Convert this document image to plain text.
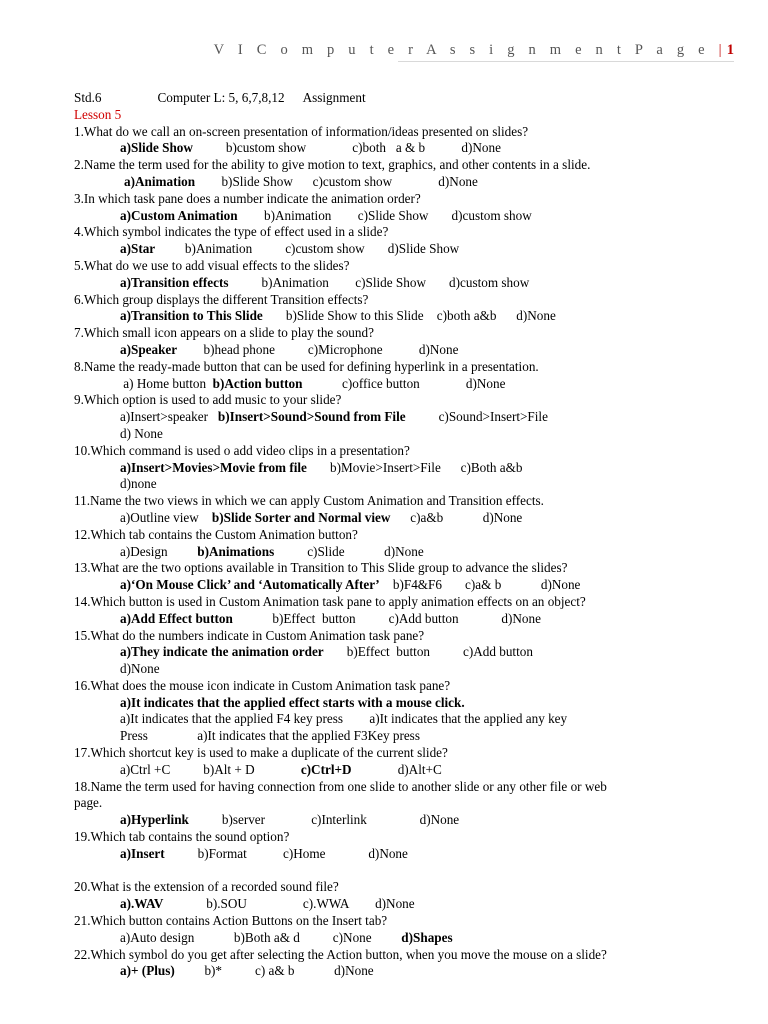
V I C o m p u t e r A s s i g n m e n t P a g e |1
Std.6	Computer L: 5, 6,7,8,12 Assignment
Lesson 5
1.What do we call an on-screen presentation of information/ideas presented on slides?
a)Slide Show          b)custom show              c)both   a & b           d)None
2.Name the term used for the ability to give motion to text, graphics, and other contents in a slide.
a)Animation        b)Slide Show      c)custom show              d)None
3.In which task pane does a number indicate the animation order?
a)Custom Animation        b)Animation        c)Slide Show       d)custom show
4.Which symbol indicates the type of effect used in a slide?
a)Star         b)Animation          c)custom show       d)Slide Show
5.What do we use to add visual effects to the slides?
a)Transition effects          b)Animation        c)Slide Show       d)custom show
6.Which group displays the different Transition effects?
a)Transition to This Slide       b)Slide Show to this Slide    c)both a&b      d)None
7.Which small icon appears on a slide to play the sound?
a)Speaker        b)head phone          c)Microphone           d)None
8.Name the ready-made button that can be used for defining hyperlink in a presentation.
a) Home button  b)Action button            c)office button              d)None
9.Which option is used to add music to your slide?
a)Insert>speaker   b)Insert>Sound>Sound from File          c)Sound>Insert>File
d) None
10.Which command is used o add video clips in a presentation?
a)Insert>Movies>Movie from file       b)Movie>Insert>File      c)Both a&b
d)none
11.Name the two views in which we can apply Custom Animation and Transition effects.
a)Outline view    b)Slide Sorter and Normal view      c)a&b            d)None
12.Which tab contains the Custom Animation button?
a)Design         b)Animations          c)Slide            d)None
13.What are the two options available in Transition to This Slide group to advance the slides?
a)‘On Mouse Click’ and ‘Automatically After’    b)F4&F6       c)a& b            d)None
14.Which button is used in Custom Animation task pane to apply animation effects on an object?
a)Add Effect button            b)Effect  button          c)Add button             d)None
15.What do the numbers indicate in Custom Animation task pane?
a)They indicate the animation order       b)Effect  button          c)Add button
d)None
16.What does the mouse icon indicate in Custom Animation task pane?
a)It indicates that the applied effect starts with a mouse click.
a)It indicates that the applied F4 key press        a)It indicates that the applied any key
Press               a)It indicates that the applied F3Key press
17.Which shortcut key is used to make a duplicate of the current slide?
a)Ctrl +C          b)Alt + D              c)Ctrl+D              d)Alt+C
18.Name the term used for having connection from one slide to another slide or any other file or web
page.
a)Hyperlink          b)server              c)Interlink                d)None
19.Which tab contains the sound option?
a)Insert          b)Format           c)Home             d)None
20.What is the extension of a recorded sound file?
a).WAV             b).SOU                 c).WWA        d)None
21.Which button contains Action Buttons on the Insert tab?
a)Auto design            b)Both a& d          c)None         d)Shapes
22.Which symbol do you get after selecting the Action button, when you move the mouse on a slide?
a)+ (Plus)         b)*          c) a& b            d)None
